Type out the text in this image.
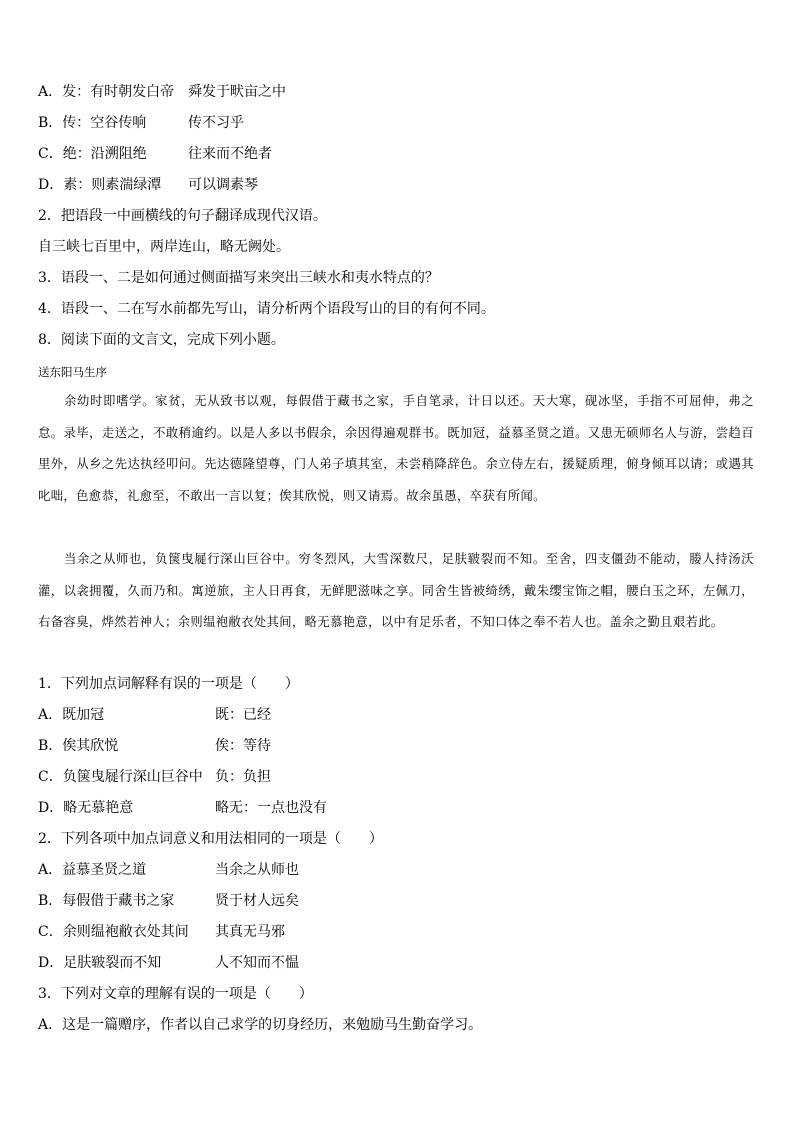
A．发：有时朝发白帝 舜发于畎亩之中
B．传：空谷传响	传不习乎
C．绝：沿溯阻绝	往来而不绝者
D．素：则素湍绿潭 可以调素琴
2．把语段一中画横线的句子翻译成现代汉语。
自三峡七百里中，两岸连山，略无阙处。
3．语段一、二是如何通过侧面描写来突出三峡水和夷水特点的？
4．语段一、二在写水前都先写山，请分析两个语段写山的目的有何不同。
8．阅读下面的文言文，完成下列小题。
送东阳马生序
余幼时即嗜学。家贫，无从致书以观，每假借于藏书之家，手自笔录，计日以还。天大寒，砚冰坚，手指不可屈伸，弗之怠。录毕，走送之，不敢稍逾约。以是人多以书假余，余因得遍观群书。既加冠，益慕圣贤之道。又患无硕师名人与游，尝趋百里外，从乡之先达执经叩问。先达德隆望尊，门人弟子填其室，未尝稍降辞色。余立侍左右，援疑质理，俯身倾耳以请；或遇其叱咄，色愈恭，礼愈至，不敢出一言以复；俟其欣悦，则又请焉。故余虽愚，卒获有所闻。
当余之从师也，负箧曳屣行深山巨谷中。穷冬烈风，大雪深数尺，足肤皲裂而不知。至舍，四支僵劲不能动，媵人持汤沃灌，以衾拥覆，久而乃和。寓逆旅，主人日再食，无鲜肥滋味之享。同舍生皆被绮绣，戴朱缨宝饰之帽，腰白玉之环，左佩刀，右备容臭，烨然若神人；余则缊袍敝衣处其间，略无慕艳意，以中有足乐者，不知口体之奉不若人也。盖余之勤且艰若此。
1．下列加点词解释有误的一项是（　　）
A．既加冠	既：已经
B．俟其欣悦	俟：等待
C．负箧曳屣行深山巨谷中 负：负担
D．略无慕艳意	略无：一点也没有
2．下列各项中加点词意义和用法相同的一项是（　　）
A．益慕圣贤之道	当余之从师也
B．每假借于藏书之家	贤于材人远矣
C．余则缊袍敝衣处其间 其真无马邪
D．足肤皲裂而不知	人不知而不愠
3．下列对文章的理解有误的一项是（　　）
A．这是一篇赠序，作者以自己求学的切身经历，来勉励马生勤奋学习。
